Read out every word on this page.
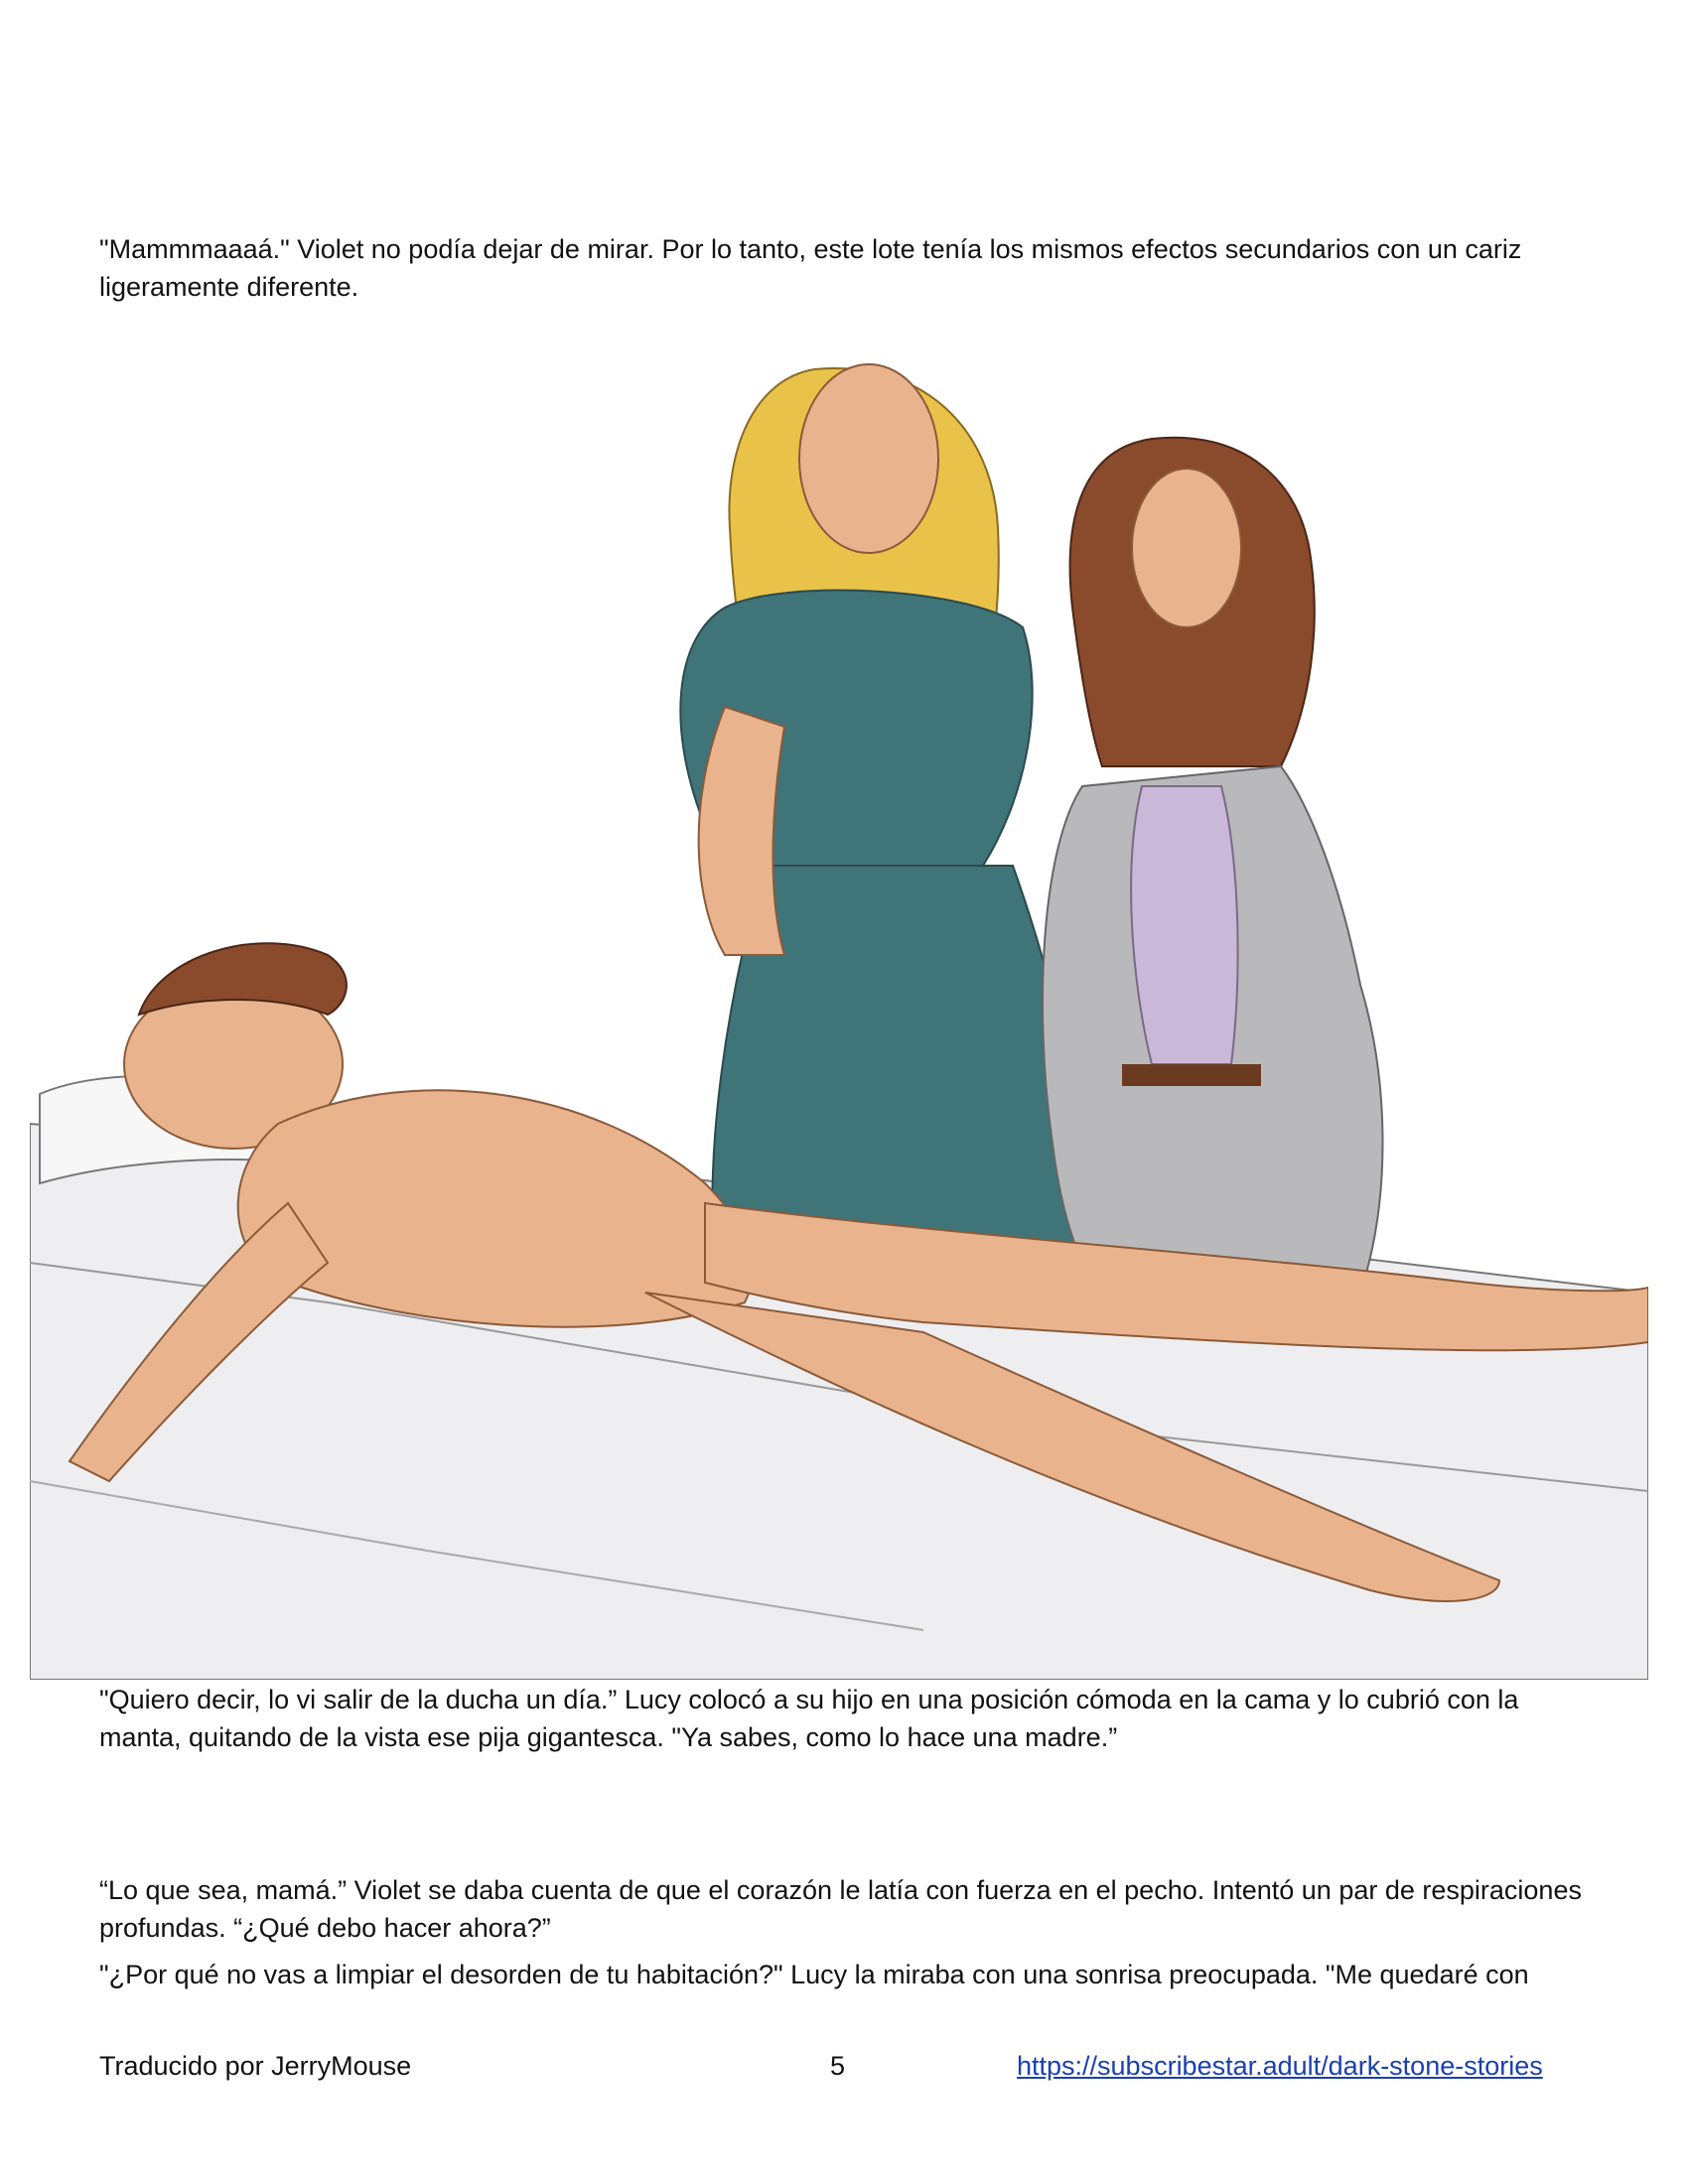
"Mammmaaaá." Violet no podía dejar de mirar. Por lo tanto, este lote tenía los mismos efectos secundarios con un cariz ligeramente diferente.

"Quiero decir, lo vi salir de la ducha un día.” Lucy colocó a su hijo en una posición cómoda en la cama y lo cubrió con la manta, quitando de la vista ese pija gigantesca. "Ya sabes, como lo hace una madre.”

“Lo que sea, mamá.” Violet se daba cuenta de que el corazón le latía con fuerza en el pecho. Intentó un par de respiraciones profundas. “¿Qué debo hacer ahora?”

"¿Por qué no vas a limpiar el desorden de tu habitación?" Lucy la miraba con una sonrisa preocupada. "Me quedaré con

Traducido por JerryMouse	5	https://subscribestar.adult/dark-stone-stories
